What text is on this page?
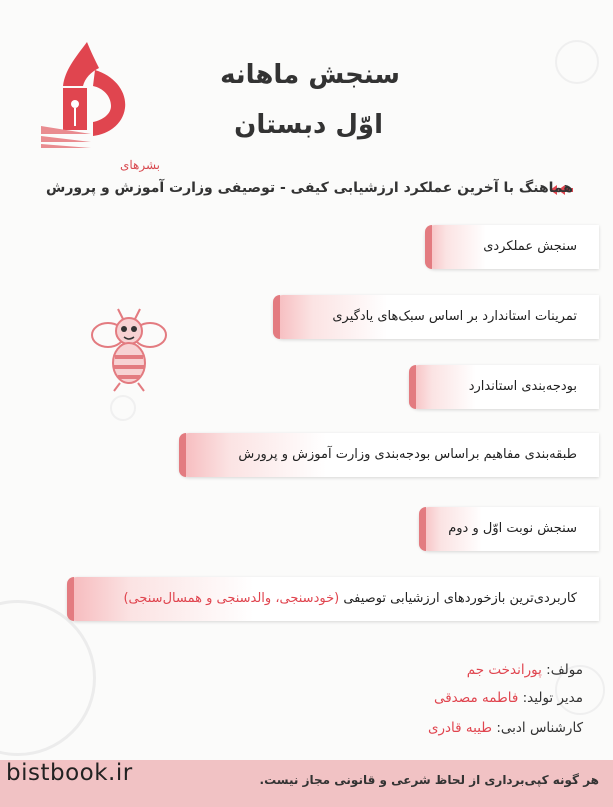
بشرهای
سنجش ماهانه
اوّل دبستان
هماهنگ با آخرین عملکرد ارزشیابی کیفی - توصیفی وزارت آموزش و پرورش
سنجش عملکردی
تمرینات استاندارد بر اساس سبک‌های یادگیری
بودجه‌بندی استاندارد
طبقه‌بندی مفاهیم براساس بودجه‌بندی وزارت آموزش و پرورش
سنجش نوبت اوّل و دوم
کاربردی‌ترین بازخوردهای ارزشیابی توصیفی (خودسنجی، والدسنجی و همسال‌سنجی)
مولف: پوراندخت جم
مدیر تولید: فاطمه مصدقی
کارشناس ادبی: طیبه قادری
هر گونه کپی‌برداری از لحاظ شرعی و قانونی مجاز نیست.
bistbook.ir
